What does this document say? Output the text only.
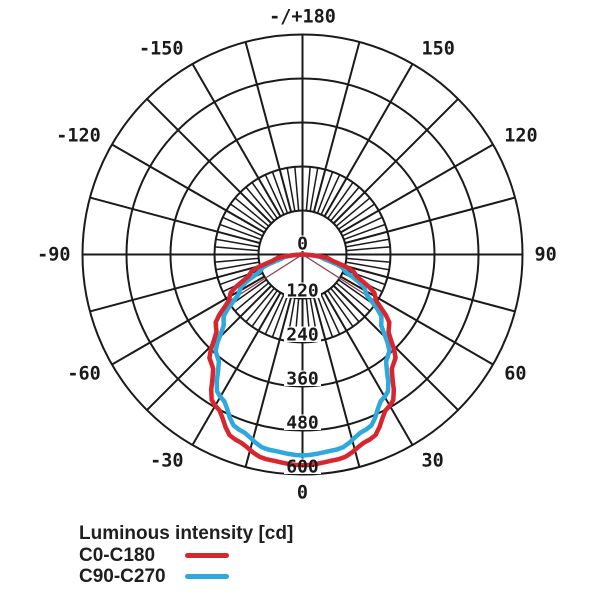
0
120
240
360
480
600
-/+180
-150	150
-120	120
-90	90
-60	60
-30	30
0
Luminous intensity [cd]
C0-C180
C90-C270
